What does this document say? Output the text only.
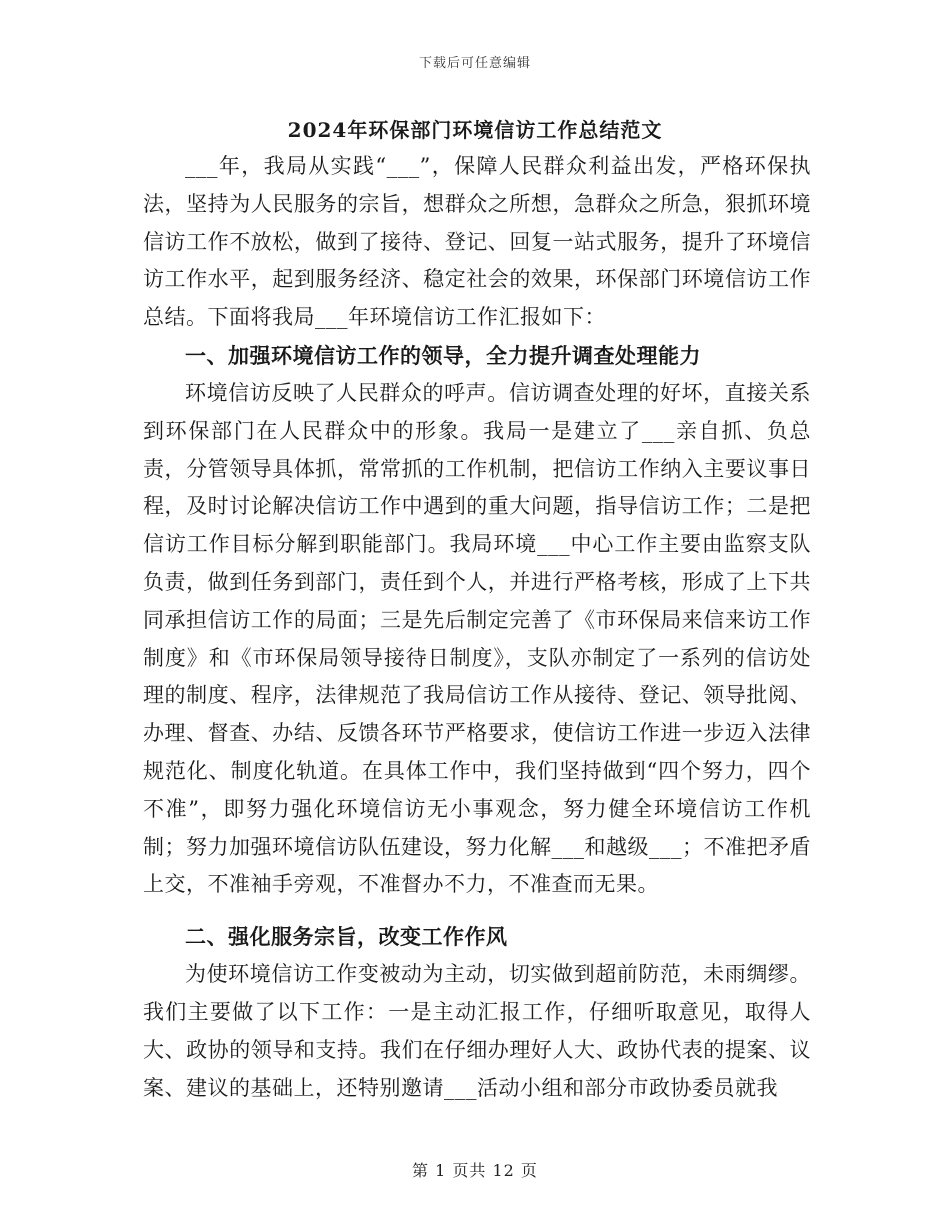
下载后可任意编辑
2024年环保部门环境信访工作总结范文

___年，我局从实践“___”，保障人民群众利益出发，严格环保执法，坚持为人民服务的宗旨，想群众之所想，急群众之所急，狠抓环境信访工作不放松，做到了接待、登记、回复一站式服务，提升了环境信访工作水平，起到服务经济、稳定社会的效果，环保部门环境信访工作总结。下面将我局___年环境信访工作汇报如下：

一、加强环境信访工作的领导，全力提升调查处理能力

环境信访反映了人民群众的呼声。信访调查处理的好坏，直接关系到环保部门在人民群众中的形象。我局一是建立了___亲自抓、负总责，分管领导具体抓，常常抓的工作机制，把信访工作纳入主要议事日程，及时讨论解决信访工作中遇到的重大问题，指导信访工作；二是把信访工作目标分解到职能部门。我局环境___中心工作主要由监察支队负责，做到任务到部门，责任到个人，并进行严格考核，形成了上下共同承担信访工作的局面；三是先后制定完善了《市环保局来信来访工作制度》和《市环保局领导接待日制度》，支队亦制定了一系列的信访处理的制度、程序，法律规范了我局信访工作从接待、登记、领导批阅、办理、督查、办结、反馈各环节严格要求，使信访工作进一步迈入法律规范化、制度化轨道。在具体工作中，我们坚持做到“四个努力，四个不准”，即努力强化环境信访无小事观念，努力健全环境信访工作机制；努力加强环境信访队伍建设，努力化解___和越级___；不准把矛盾上交，不准袖手旁观，不准督办不力，不准查而无果。

二、强化服务宗旨，改变工作作风

为使环境信访工作变被动为主动，切实做到超前防范，未雨绸缪。我们主要做了以下工作：一是主动汇报工作，仔细听取意见，取得人大、政协的领导和支持。我们在仔细办理好人大、政协代表的提案、议案、建议的基础上，还特别邀请___活动小组和部分市政协委员就我

第 1 页共 12 页
